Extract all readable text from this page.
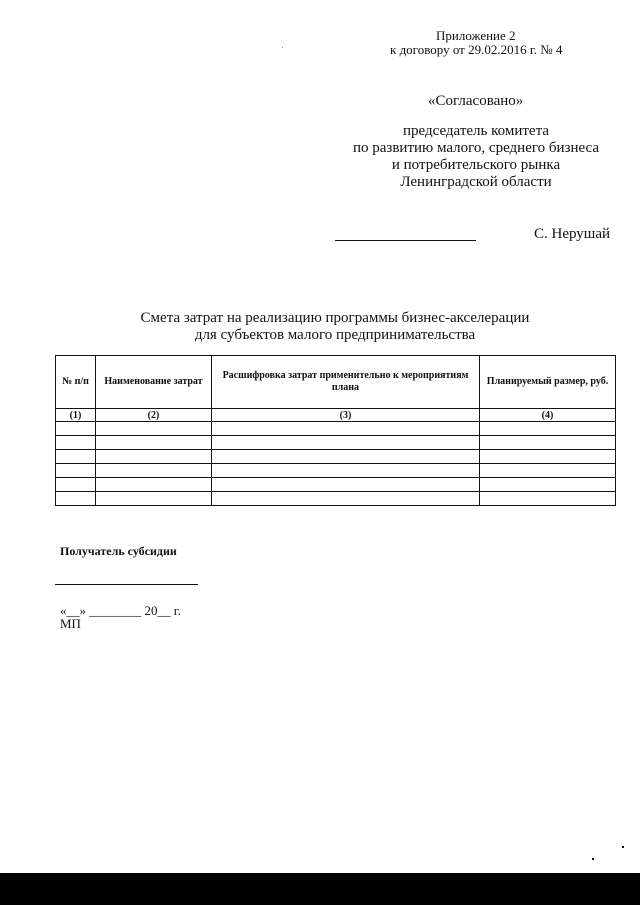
Приложение 2
к договору от 29.02.2016 г. № 4
«Согласовано»
председатель комитета
по развитию малого, среднего бизнеса
и потребительского рынка
Ленинградской области
С. Нерушай
Смета затрат на реализацию программы бизнес-акселерации
для субъектов малого предпринимательства
№ п/п	Наименование затрат	Расшифровка затрат применительно к мероприятиям плана	Планируемый размер, руб.
(1)	(2)	(3)	(4)

Получатель субсидии
«__» ________ 20__ г.
МП
